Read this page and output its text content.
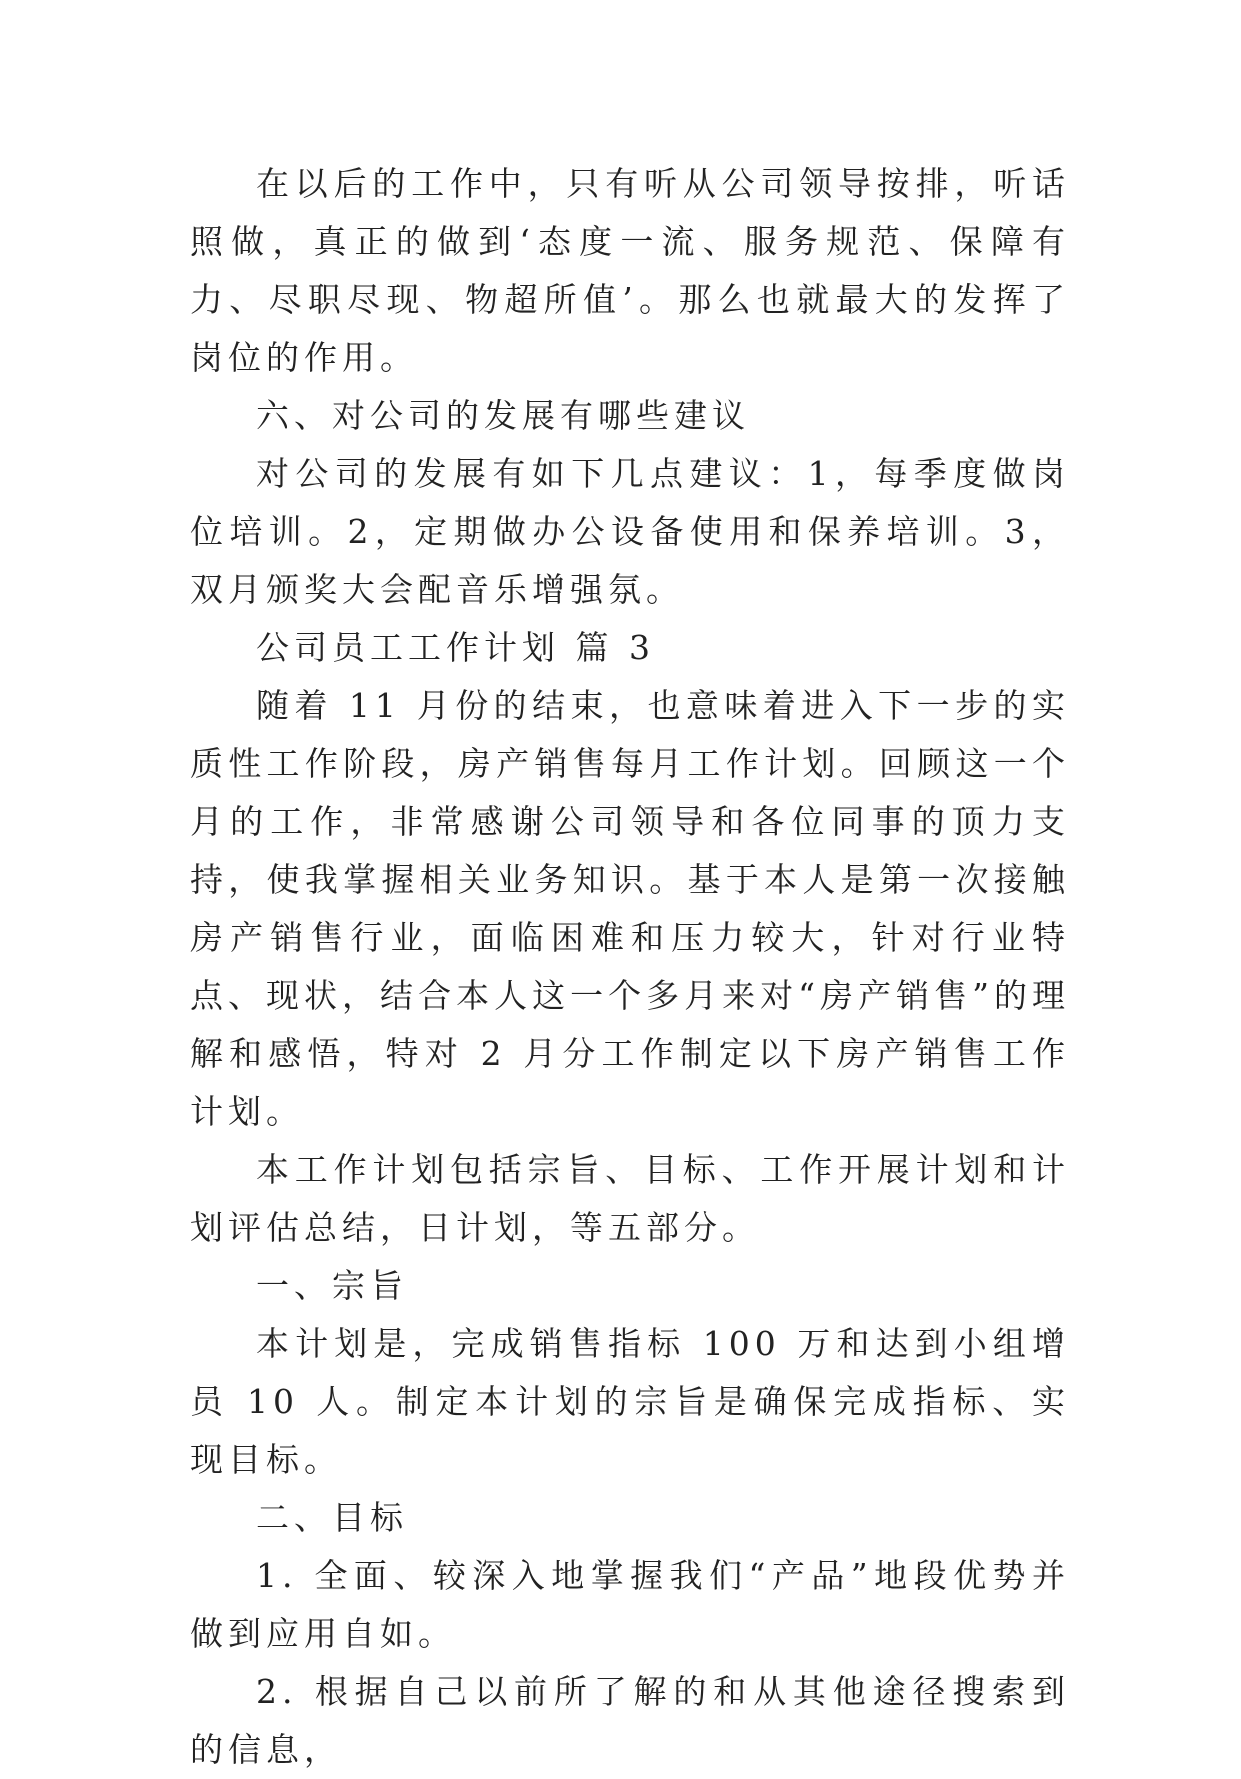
在以后的工作中，只有听从公司领导按排，听话照做，真正的做到‘态度一流、服务规范、保障有力、尽职尽现、物超所值’。那么也就最大的发挥了岗位的作用。

六、对公司的发展有哪些建议

对公司的发展有如下几点建议：1，每季度做岗位培训。2，定期做办公设备使用和保养培训。3，双月颁奖大会配音乐增强氛。

公司员工工作计划 篇 3

随着 11 月份的结束，也意味着进入下一步的实质性工作阶段，房产销售每月工作计划。回顾这一个月的工作，非常感谢公司领导和各位同事的顶力支持，使我掌握相关业务知识。基于本人是第一次接触房产销售行业，面临困难和压力较大，针对行业特点、现状，结合本人这一个多月来对“房产销售”的理解和感悟，特对 2 月分工作制定以下房产销售工作计划。

本工作计划包括宗旨、目标、工作开展计划和计划评估总结，日计划，等五部分。

一、宗旨

本计划是，完成销售指标 100 万和达到小组增员 10 人。制定本计划的宗旨是确保完成指标、实现目标。

二、目标

1. 全面、较深入地掌握我们“产品”地段优势并做到应用自如。

2. 根据自己以前所了解的和从其他途径搜索到的信息，
